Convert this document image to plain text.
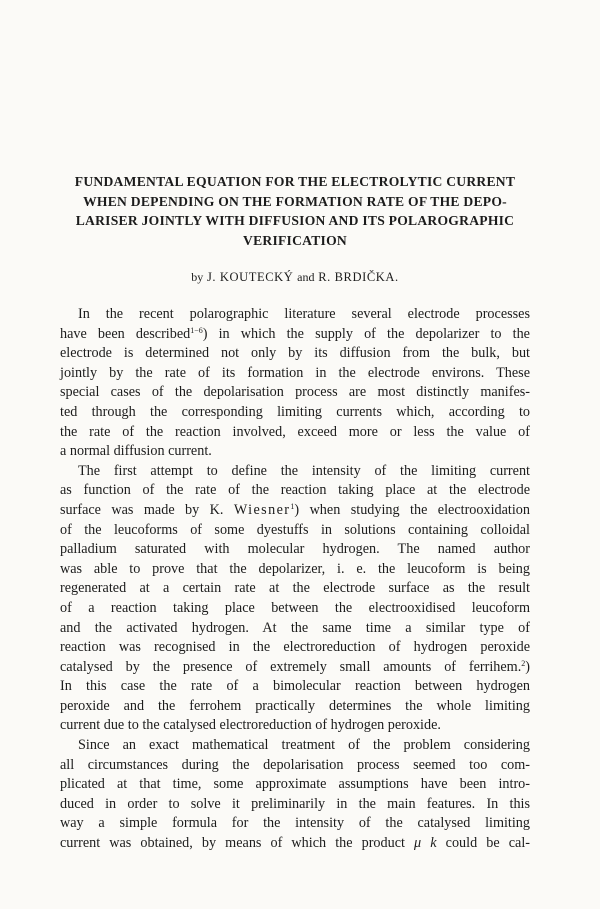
FUNDAMENTAL EQUATION FOR THE ELECTROLYTIC CURRENT
WHEN DEPENDING ON THE FORMATION RATE OF THE DEPO-
LARISER JOINTLY WITH DIFFUSION AND ITS POLAROGRAPHIC
VERIFICATION
by J. KOUTECKÝ and R. BRDIČKA.
In the recent polarographic literature several electrode processes
have been described$^{1-6}$) in which the supply of the depolarizer to the
electrode is determined not only by its diffusion from the bulk, but
jointly by the rate of its formation in the electrode environs. These
special cases of the depolarisation process are most distinctly manifes-
ted through the corresponding limiting currents which, according to
the rate of the reaction involved, exceed more or less the value of
a normal diffusion current.
The first attempt to define the intensity of the limiting current
as function of the rate of the reaction taking place at the electrode
surface was made by K. Wiesner$^1$) when studying the electrooxidation
of the leucoforms of some dyestuffs in solutions containing colloidal
palladium saturated with molecular hydrogen. The named author
was able to prove that the depolarizer, i. e. the leucoform is being
regenerated at a certain rate at the electrode surface as the result
of a reaction taking place between the electrooxidised leucoform
and the activated hydrogen. At the same time a similar type of
reaction was recognised in the electroreduction of hydrogen peroxide
catalysed by the presence of extremely small amounts of ferrihem.$^2$)
In this case the rate of a bimolecular reaction between hydrogen
peroxide and the ferrohem practically determines the whole limiting
current due to the catalysed electroreduction of hydrogen peroxide.
Since an exact mathematical treatment of the problem considering
all circumstances during the depolarisation process seemed too com-
plicated at that time, some approximate assumptions have been intro-
duced in order to solve it preliminarily in the main features. In this
way a simple formula for the intensity of the catalysed limiting
current was obtained, by means of which the product μ k could be cal-
